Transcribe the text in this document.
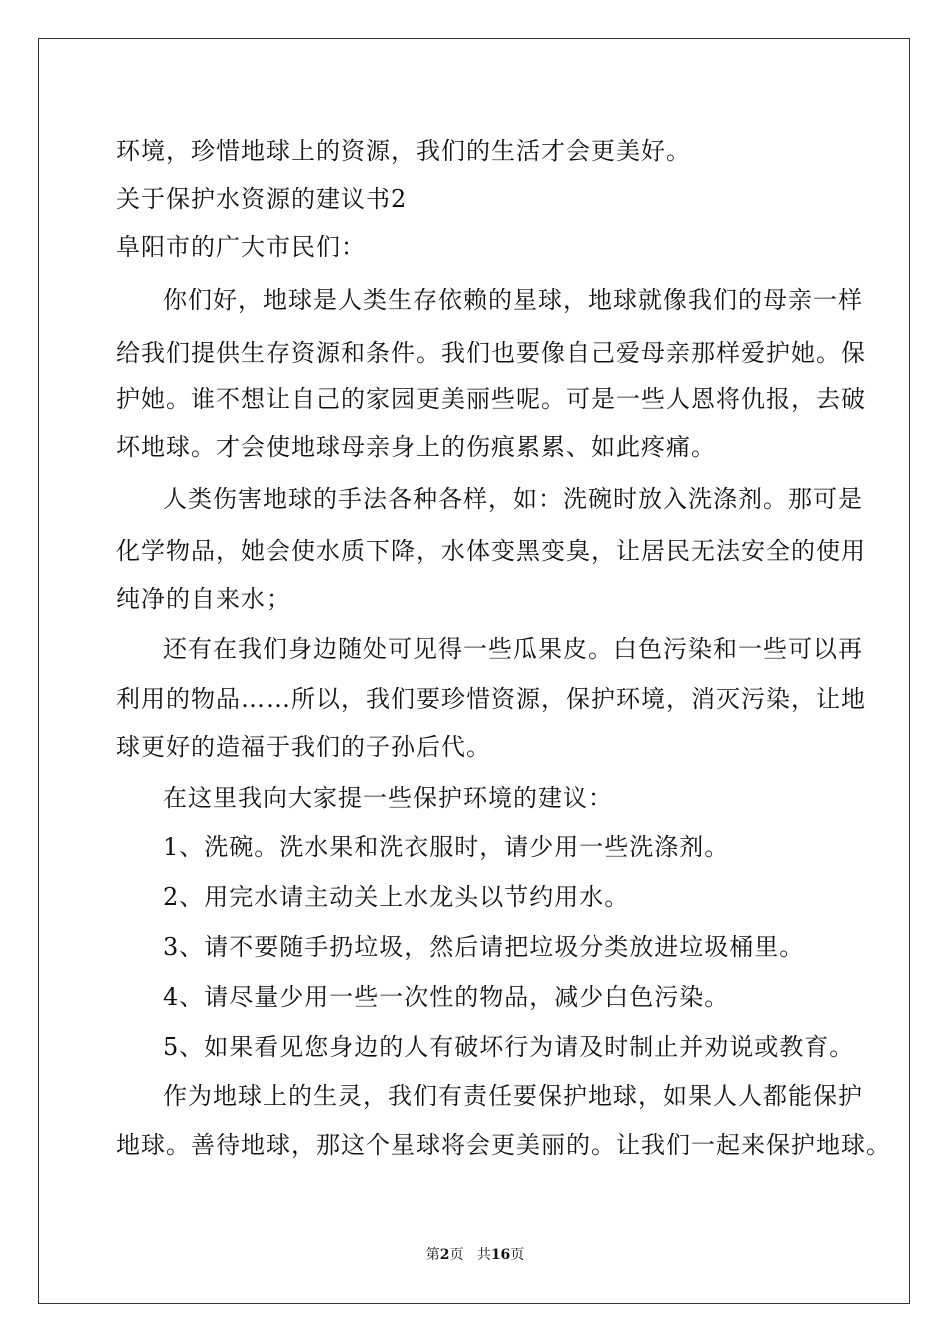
环境，珍惜地球上的资源，我们的生活才会更美好。
关于保护水资源的建议书2
阜阳市的广大市民们：
你们好，地球是人类生存依赖的星球，地球就像我们的母亲一样
给我们提供生存资源和条件。我们也要像自己爱母亲那样爱护她。保
护她。谁不想让自己的家园更美丽些呢。可是一些人恩将仇报，去破
坏地球。才会使地球母亲身上的伤痕累累、如此疼痛。
人类伤害地球的手法各种各样，如：洗碗时放入洗涤剂。那可是
化学物品，她会使水质下降，水体变黑变臭，让居民无法安全的使用
纯净的自来水；
还有在我们身边随处可见得一些瓜果皮。白色污染和一些可以再
利用的物品……所以，我们要珍惜资源，保护环境，消灭污染，让地
球更好的造福于我们的子孙后代。
在这里我向大家提一些保护环境的建议：
1、洗碗。洗水果和洗衣服时，请少用一些洗涤剂。
2、用完水请主动关上水龙头以节约用水。
3、请不要随手扔垃圾，然后请把垃圾分类放进垃圾桶里。
4、请尽量少用一些一次性的物品，减少白色污染。
5、如果看见您身边的人有破坏行为请及时制止并劝说或教育。
作为地球上的生灵，我们有责任要保护地球，如果人人都能保护
地球。善待地球，那这个星球将会更美丽的。让我们一起来保护地球。
第2页 共16页
